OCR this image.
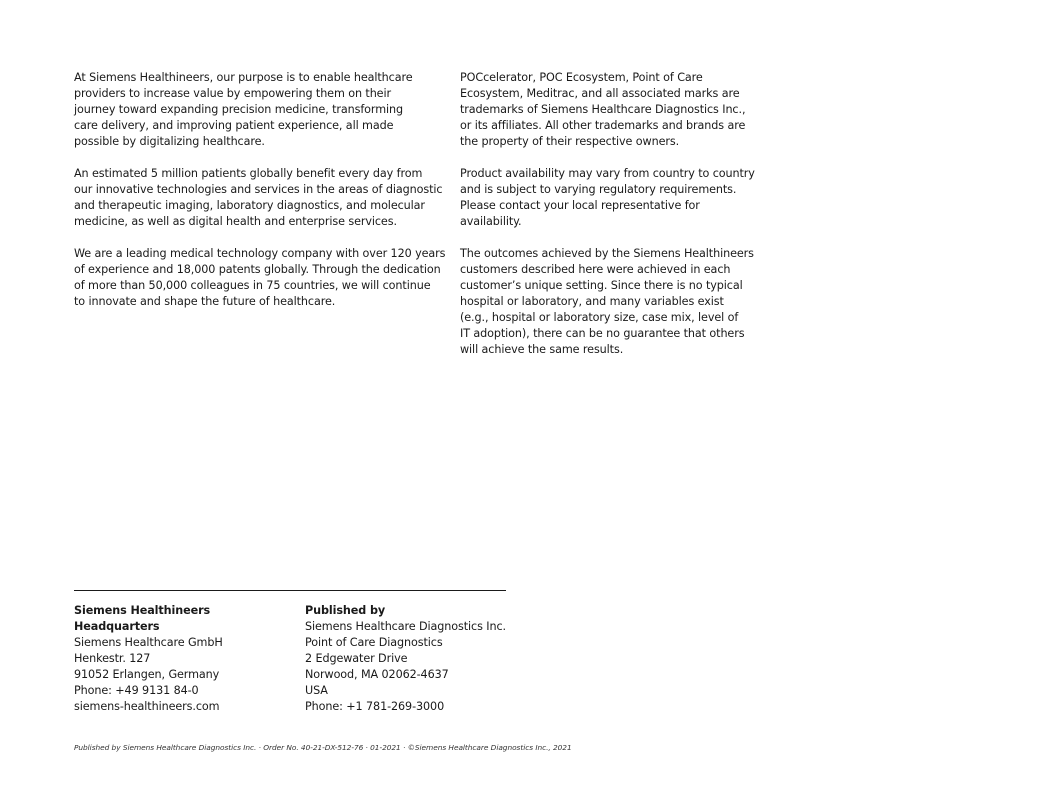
At Siemens Healthineers, our purpose is to enable healthcare
providers to increase value by empowering them on their
journey toward expanding precision medicine, transforming
care delivery, and improving patient experience, all made
possible by digitalizing healthcare.

An estimated 5 million patients globally benefit every day from
our innovative technologies and services in the areas of diagnostic
and therapeutic imaging, laboratory diagnostics, and molecular
medicine, as well as digital health and enterprise services.

We are a leading medical technology company with over 120 years
of experience and 18,000 patents globally. Through the dedication
of more than 50,000 colleagues in 75 countries, we will continue
to innovate and shape the future of healthcare.

POCcelerator, POC Ecosystem, Point of Care
Ecosystem, Meditrac, and all associated marks are
trademarks of Siemens Healthcare Diagnostics Inc.,
or its affiliates. All other trademarks and brands are
the property of their respective owners.

Product availability may vary from country to country
and is subject to varying regulatory requirements.
Please contact your local representative for availability.

The outcomes achieved by the Siemens Healthineers
customers described here were achieved in each
customer’s unique setting. Since there is no typical
hospital or laboratory, and many variables exist
(e.g., hospital or laboratory size, case mix, level of
IT adoption), there can be no guarantee that others
will achieve the same results.

Siemens Healthineers Headquarters
Siemens Healthcare GmbH
Henkestr. 127
91052 Erlangen, Germany
Phone: +49 9131 84-0
siemens-healthineers.com
Published by
Siemens Healthcare Diagnostics Inc.
Point of Care Diagnostics
2 Edgewater Drive
Norwood, MA 02062-4637
USA
Phone: +1 781-269-3000
Published by Siemens Healthcare Diagnostics Inc. · Order No. 40-21-DX-512-76 · 01-2021 · ©Siemens Healthcare Diagnostics Inc., 2021
